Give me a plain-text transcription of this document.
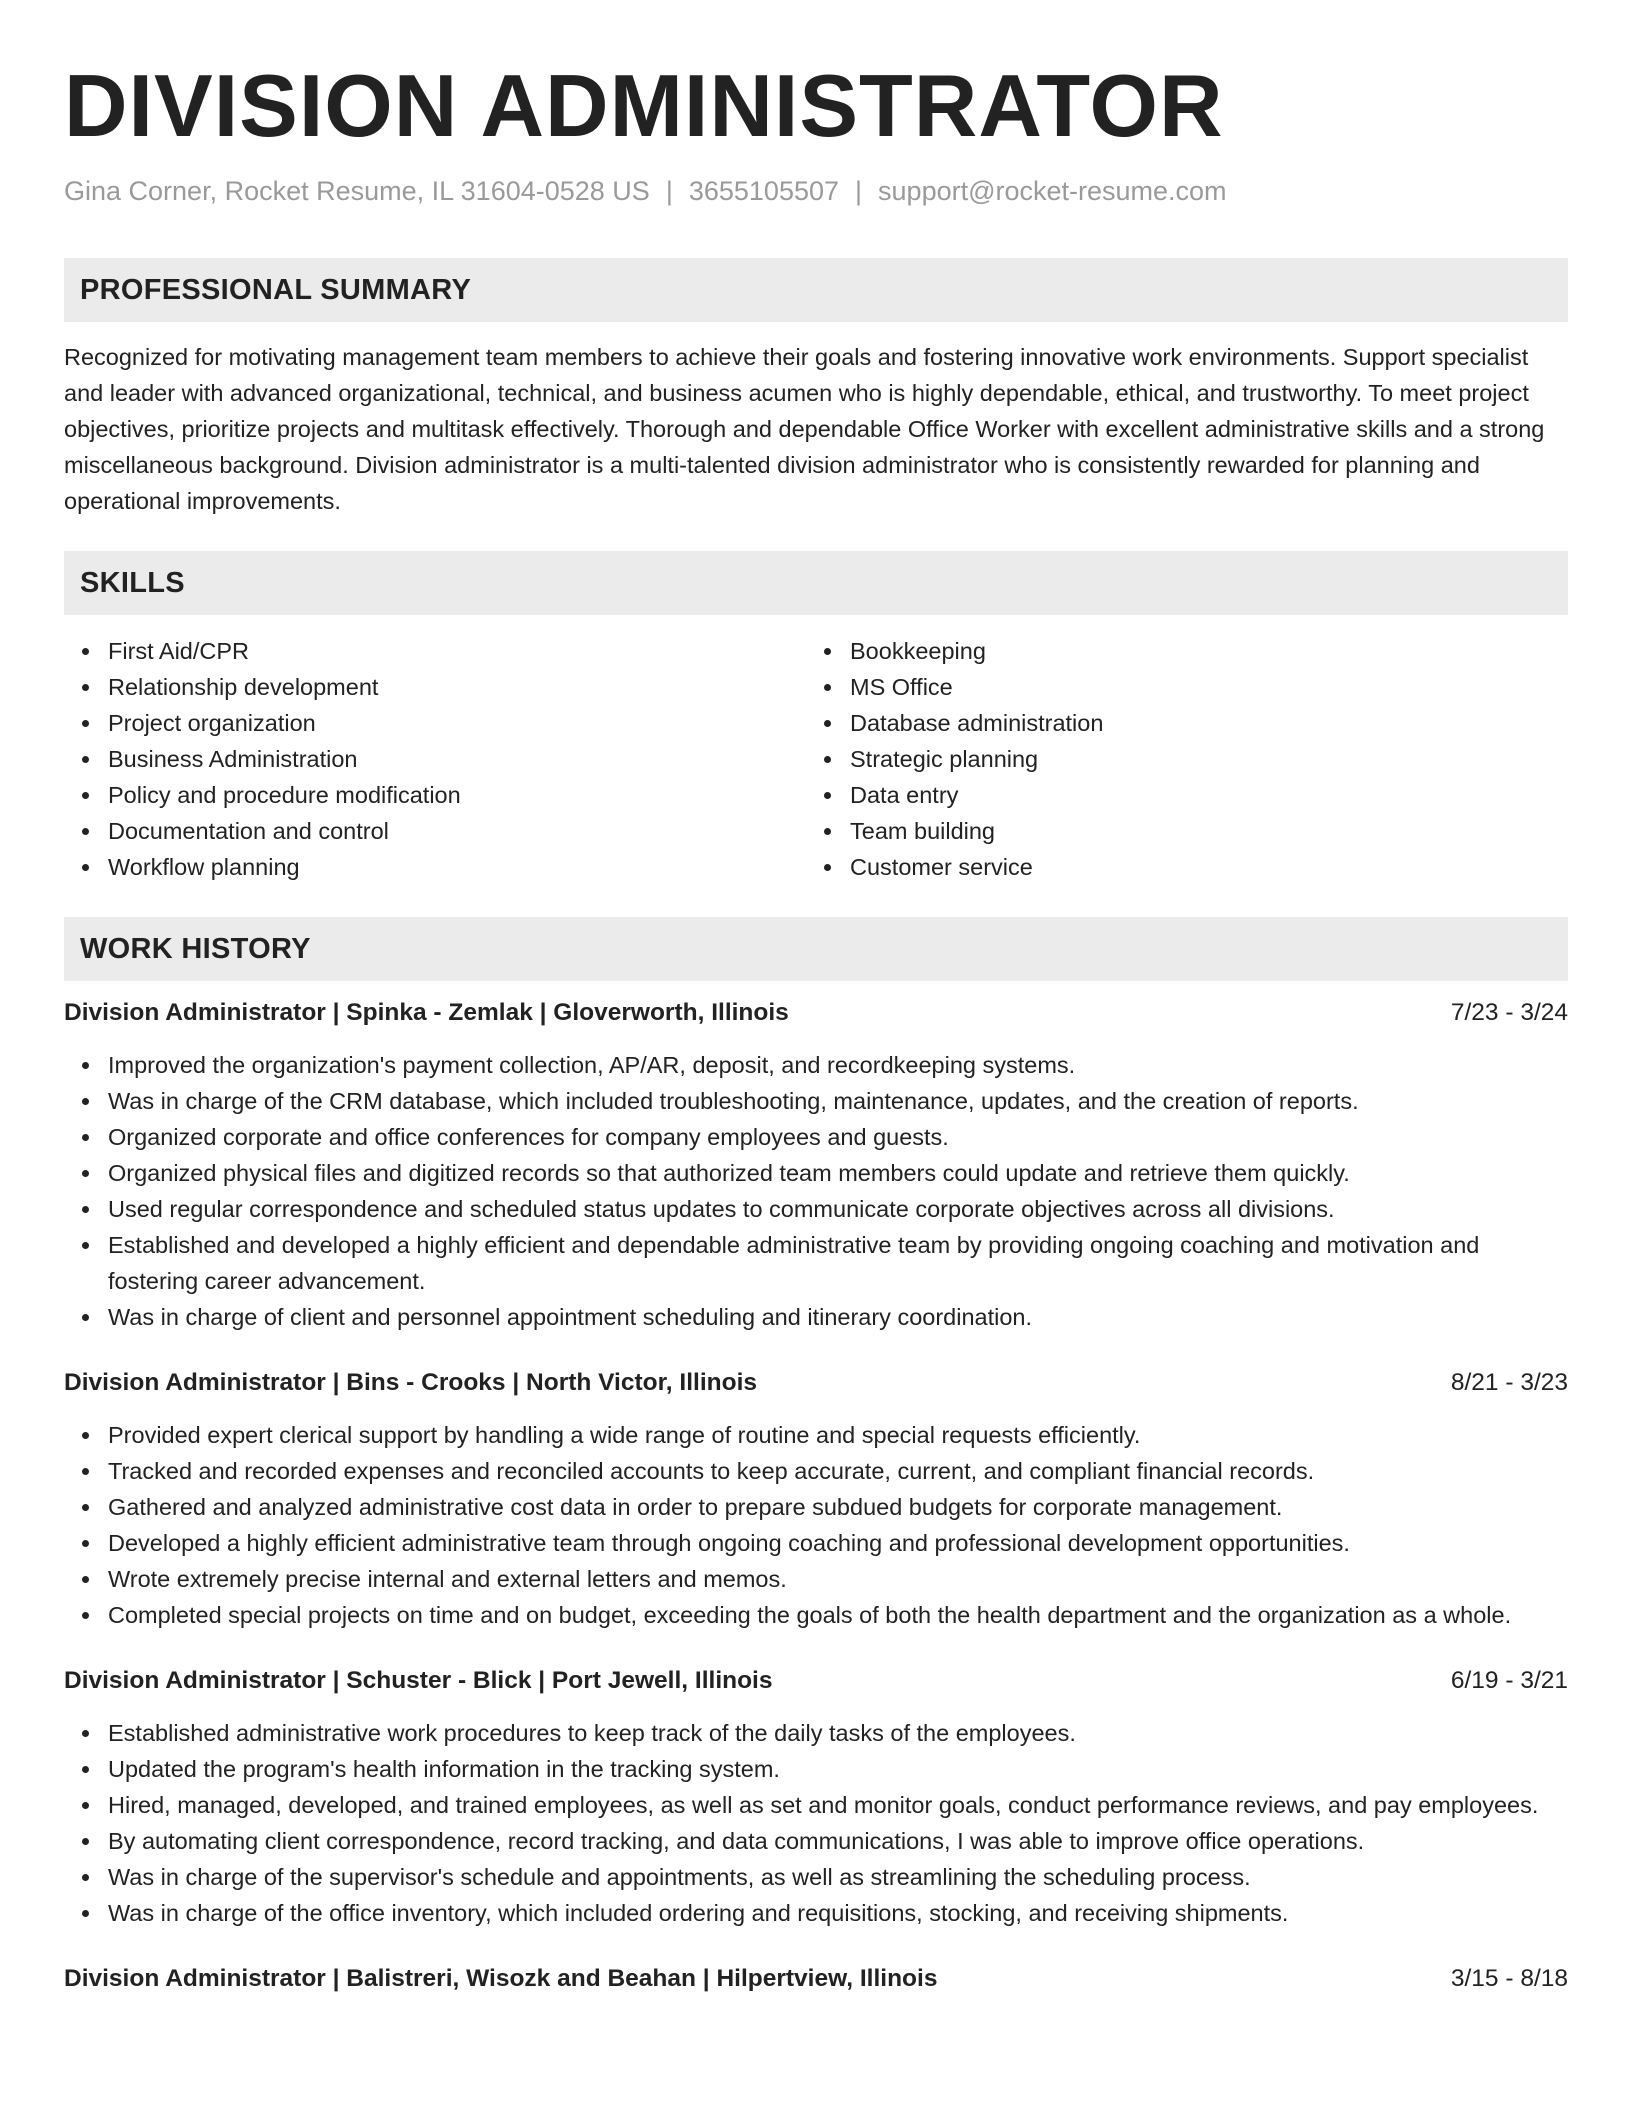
DIVISION ADMINISTRATOR
Gina Corner, Rocket Resume, IL 31604-0528 US | 3655105507 | support@rocket-resume.com
PROFESSIONAL SUMMARY
Recognized for motivating management team members to achieve their goals and fostering innovative work environments. Support specialist and leader with advanced organizational, technical, and business acumen who is highly dependable, ethical, and trustworthy. To meet project objectives, prioritize projects and multitask effectively. Thorough and dependable Office Worker with excellent administrative skills and a strong miscellaneous background. Division administrator is a multi-talented division administrator who is consistently rewarded for planning and operational improvements.
SKILLS
First Aid/CPR
Relationship development
Project organization
Business Administration
Policy and procedure modification
Documentation and control
Workflow planning
Bookkeeping
MS Office
Database administration
Strategic planning
Data entry
Team building
Customer service
WORK HISTORY
Division Administrator | Spinka - Zemlak | Gloverworth, Illinois	7/23 - 3/24
Improved the organization's payment collection, AP/AR, deposit, and recordkeeping systems.
Was in charge of the CRM database, which included troubleshooting, maintenance, updates, and the creation of reports.
Organized corporate and office conferences for company employees and guests.
Organized physical files and digitized records so that authorized team members could update and retrieve them quickly.
Used regular correspondence and scheduled status updates to communicate corporate objectives across all divisions.
Established and developed a highly efficient and dependable administrative team by providing ongoing coaching and motivation and fostering career advancement.
Was in charge of client and personnel appointment scheduling and itinerary coordination.
Division Administrator | Bins - Crooks | North Victor, Illinois	8/21 - 3/23
Provided expert clerical support by handling a wide range of routine and special requests efficiently.
Tracked and recorded expenses and reconciled accounts to keep accurate, current, and compliant financial records.
Gathered and analyzed administrative cost data in order to prepare subdued budgets for corporate management.
Developed a highly efficient administrative team through ongoing coaching and professional development opportunities.
Wrote extremely precise internal and external letters and memos.
Completed special projects on time and on budget, exceeding the goals of both the health department and the organization as a whole.
Division Administrator | Schuster - Blick | Port Jewell, Illinois	6/19 - 3/21
Established administrative work procedures to keep track of the daily tasks of the employees.
Updated the program's health information in the tracking system.
Hired, managed, developed, and trained employees, as well as set and monitor goals, conduct performance reviews, and pay employees.
By automating client correspondence, record tracking, and data communications, I was able to improve office operations.
Was in charge of the supervisor's schedule and appointments, as well as streamlining the scheduling process.
Was in charge of the office inventory, which included ordering and requisitions, stocking, and receiving shipments.
Division Administrator | Balistreri, Wisozk and Beahan | Hilpertview, Illinois	3/15 - 8/18
